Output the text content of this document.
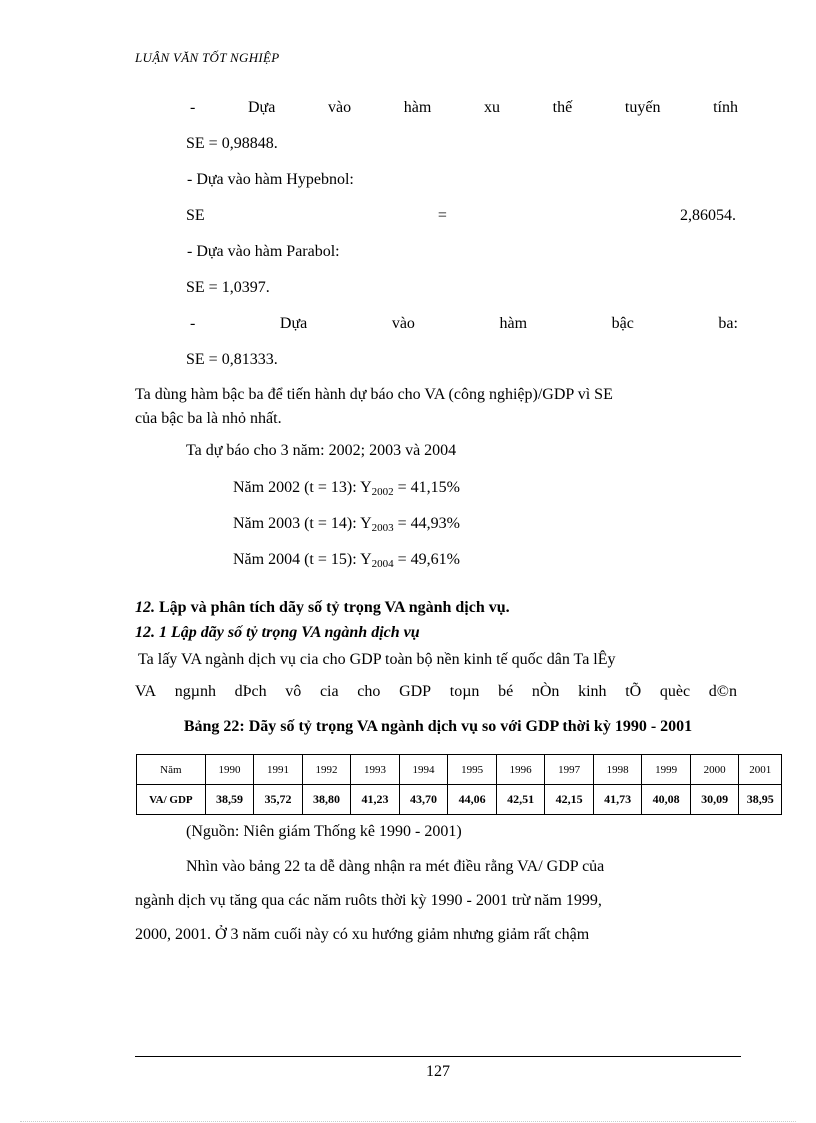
LUẬN VĂN TỐT NGHIỆP
-	Dựa	vào	hàm	xu	thế	tuyến	tính
SE = 0,98848.
- Dựa vào hàm Hypebnol:
SE	=	2,86054.
- Dựa vào hàm Parabol:
SE = 1,0397.
-	Dựa	vào	hàm	bậc	ba:
SE = 0,81333.
Ta dùng hàm bậc ba để tiến hành dự báo cho VA (công nghiệp)/GDP vì SE
của bậc ba là nhỏ nhất.
Ta dự báo cho 3 năm: 2002; 2003 và 2004
Năm 2002 (t = 13): $Y_{2002} = 41,15\%$
Năm 2003 (t = 14): $Y_{2003} = 44,93\%$
Năm 2004 (t = 15): $Y_{2004} = 49,61\%$
12. Lập và phân tích dãy số tỷ trọng VA ngành dịch vụ.
12. 1 Lập dãy số tỷ trọng VA ngành dịch vụ
Ta lấy VA ngành dịch vụ cia cho GDP toàn bộ nền kinh tế quốc dân Ta lÊy
VA ngµnh dÞch vô cia cho GDP toµn bé nÒn kinh tÕ quèc d©n
Bảng 22: Dãy số tỷ trọng VA ngành dịch vụ so với GDP thời kỳ 1990 - 2001
Năm	1990	1991	1992	1993	1994	1995	1996	1997	1998	1999	2000	2001
VA/ GDP	38,59	35,72	38,80	41,23	43,70	44,06	42,51	42,15	41,73	40,08	30,09	38,95
(Nguồn: Niên giám Thống kê 1990 - 2001)
Nhìn vào bảng 22 ta dễ dàng nhận ra mét điều rằng VA/ GDP của
ngành dịch vụ tăng qua các năm ruôts thời kỳ 1990 - 2001 trừ năm 1999,
2000, 2001. Ở 3 năm cuối này có xu hướng giảm nhưng giảm rất chậm
127
